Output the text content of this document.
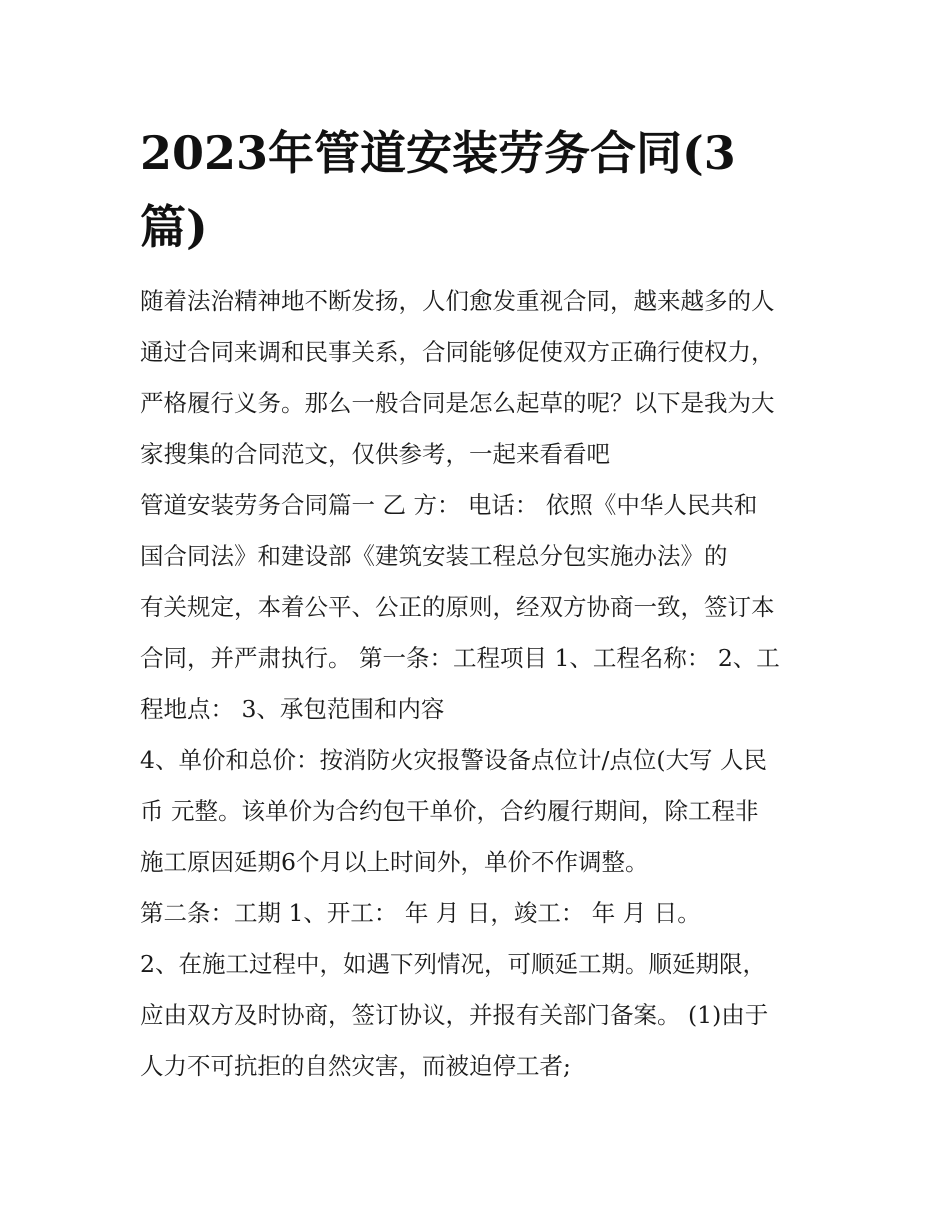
2023年管道安装劳务合同(3
篇)
随着法治精神地不断发扬，人们愈发重视合同，越来越多的人
通过合同来调和民事关系，合同能够促使双方正确行使权力，
严格履行义务。那么一般合同是怎么起草的呢？以下是我为大
家搜集的合同范文，仅供参考，一起来看看吧
管道安装劳务合同篇一 乙 方： 电话： 依照《中华人民共和
国合同法》和建设部《建筑安装工程总分包实施办法》的
有关规定，本着公平、公正的原则，经双方协商一致，签订本
合同，并严肃执行。 第一条：工程项目 1、工程名称： 2、工
程地点： 3、承包范围和内容
4、单价和总价：按消防火灾报警设备点位计/点位(大写 人民
币 元整。该单价为合约包干单价，合约履行期间，除工程非
施工原因延期6个月以上时间外，单价不作调整。
第二条：工期 1、开工： 年 月 日，竣工： 年 月 日。
2、在施工过程中，如遇下列情况，可顺延工期。顺延期限，
应由双方及时协商，签订协议，并报有关部门备案。 (1)由于
人力不可抗拒的自然灾害，而被迫停工者;
